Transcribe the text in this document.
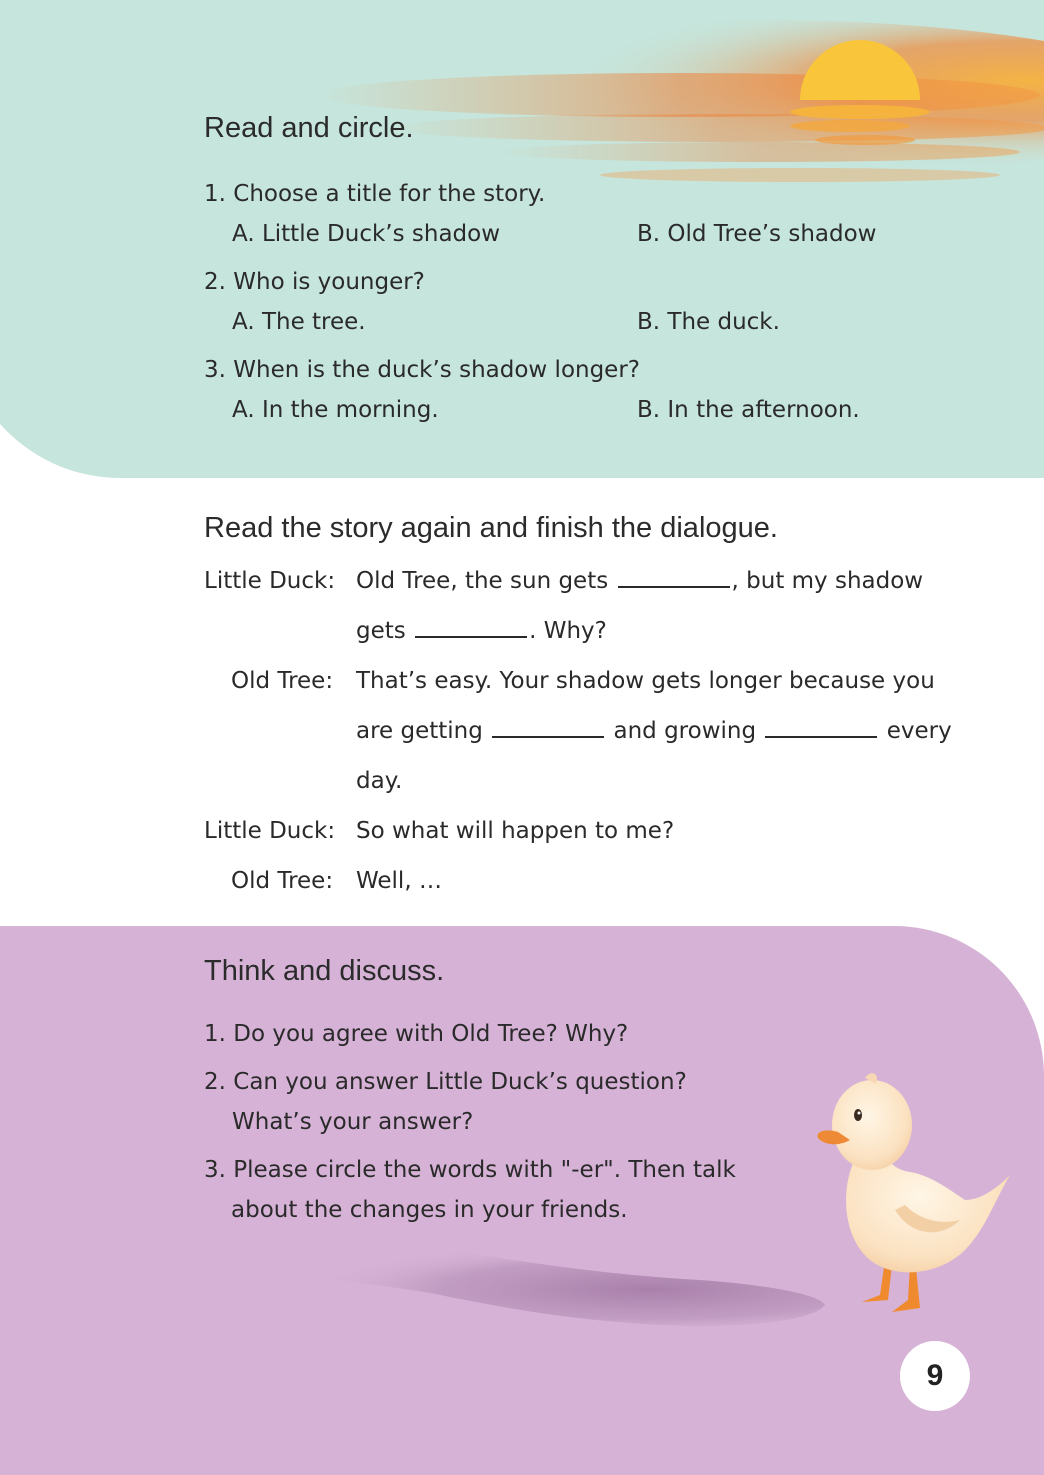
Read and circle.
1. Choose a title for the story.
A. Little Duck’s shadow	B. Old Tree’s shadow
2. Who is younger?
A. The tree.	B. The duck.
3. When is the duck’s shadow longer?
A. In the morning.	B. In the afternoon.
Read the story again and finish the dialogue.
Little Duck: Old Tree, the sun gets	, but my shadow
gets	. Why?
Old Tree: That’s easy. Your shadow gets longer because you
are getting	and growing	every
day.
Little Duck: So what will happen to me?
Old Tree: Well, …
Think and discuss.
1. Do you agree with Old Tree? Why?
2. Can you answer Little Duck’s question?
What’s your answer?
3. Please circle the words with "-er". Then talk
about the changes in your friends.
9
